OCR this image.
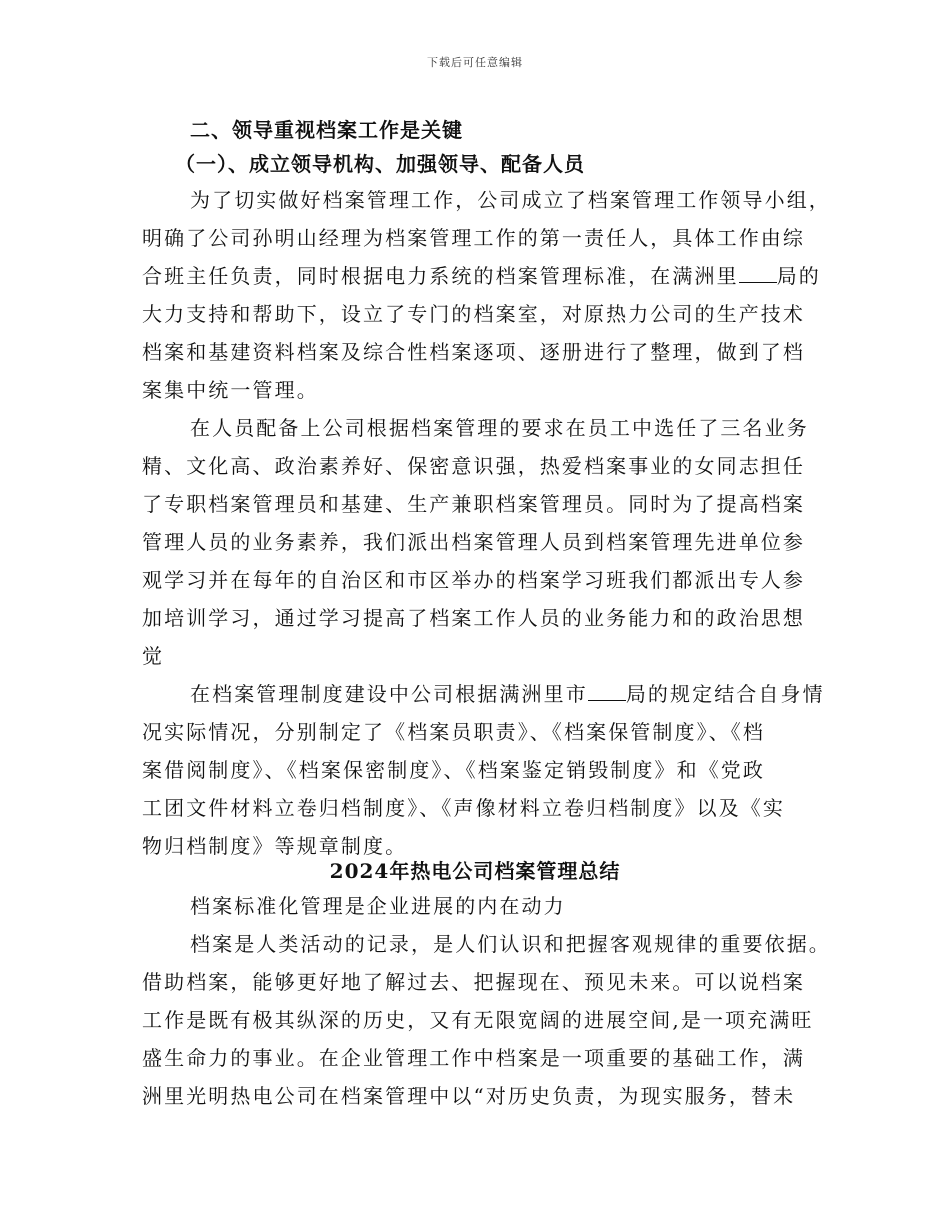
下载后可任意编辑
二、领导重视档案工作是关键
（一）、成立领导机构、加强领导、配备人员
为了切实做好档案管理工作，公司成立了档案管理工作领导小组，
明确了公司孙明山经理为档案管理工作的第一责任人，具体工作由综
合班主任负责，同时根据电力系统的档案管理标准，在满洲里 局的
大力支持和帮助下，设立了专门的档案室，对原热力公司的生产技术
档案和基建资料档案及综合性档案逐项、逐册进行了整理，做到了档
案集中统一管理。
在人员配备上公司根据档案管理的要求在员工中选任了三名业务
精、文化高、政治素养好、保密意识强，热爱档案事业的女同志担任
了专职档案管理员和基建、生产兼职档案管理员。同时为了提高档案
管理人员的业务素养，我们派出档案管理人员到档案管理先进单位参
观学习并在每年的自治区和市区举办的档案学习班我们都派出专人参
加培训学习，通过学习提高了档案工作人员的业务能力和的政治思想
觉
在档案管理制度建设中公司根据满洲里市 局的规定结合自身情
况实际情况，分别制定了《档案员职责》、《档案保管制度》、《档
案借阅制度》、《档案保密制度》、《档案鉴定销毁制度》和《党政
工团文件材料立卷归档制度》、《声像材料立卷归档制度》以及《实
物归档制度》等规章制度。
2024年热电公司档案管理总结
档案标准化管理是企业进展的内在动力
档案是人类活动的记录，是人们认识和把握客观规律的重要依据。
借助档案，能够更好地了解过去、把握现在、预见未来。可以说档案
工作是既有极其纵深的历史，又有无限宽阔的进展空间,是一项充满旺
盛生命力的事业。在企业管理工作中档案是一项重要的基础工作，满
洲里光明热电公司在档案管理中以“对历史负责，为现实服务，替未
